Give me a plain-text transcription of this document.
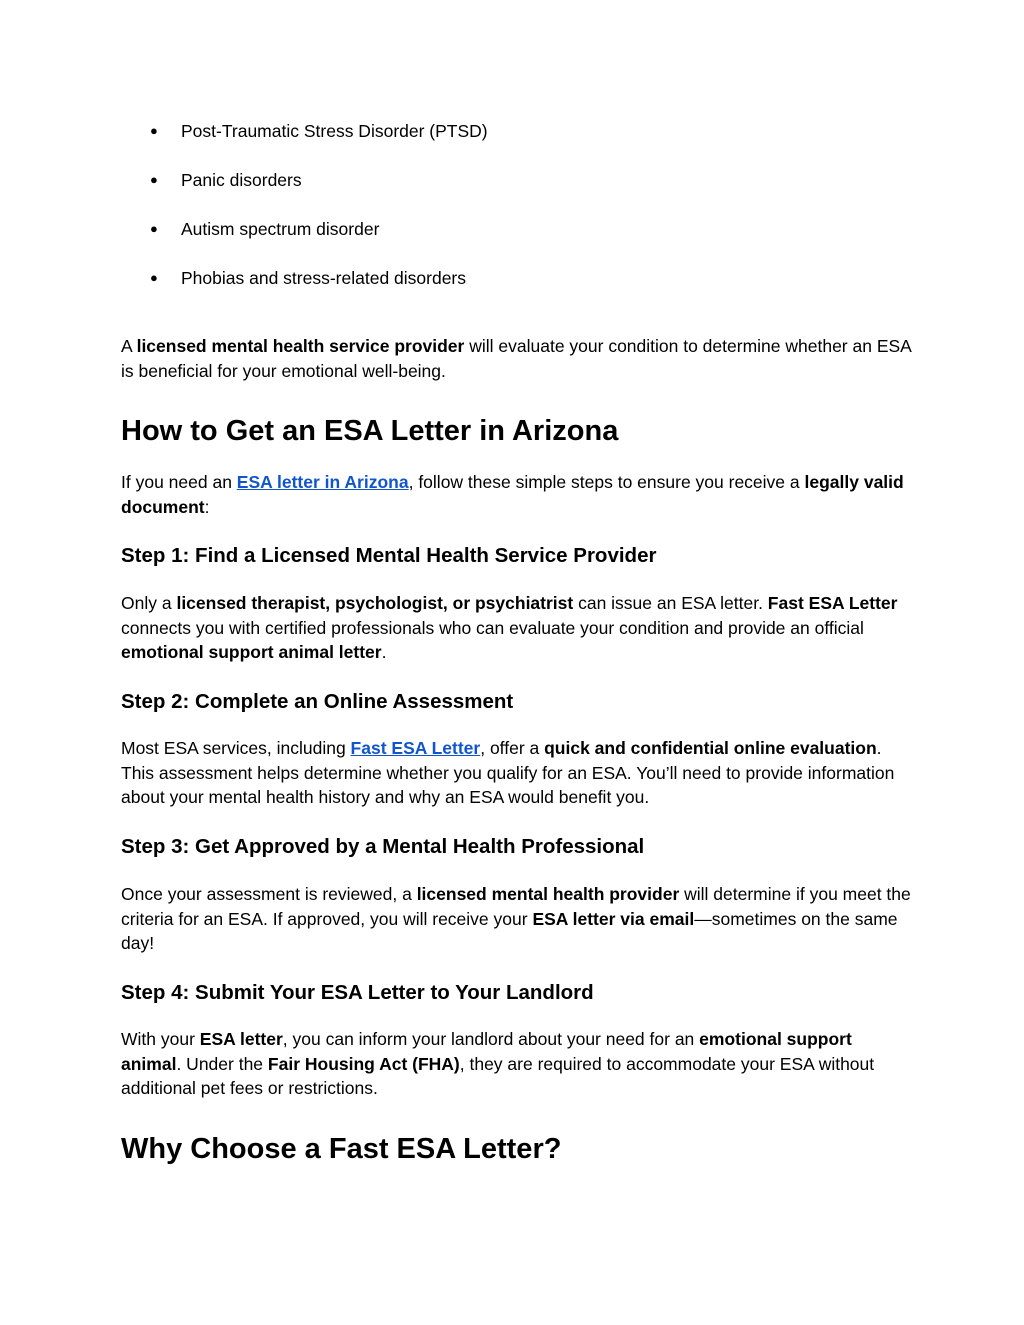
● Post-Traumatic Stress Disorder (PTSD)
● Panic disorders
● Autism spectrum disorder
● Phobias and stress-related disorders

A licensed mental health service provider will evaluate your condition to determine whether an ESA is beneficial for your emotional well-being.

How to Get an ESA Letter in Arizona

If you need an ESA letter in Arizona, follow these simple steps to ensure you receive a legally valid document:

Step 1: Find a Licensed Mental Health Service Provider

Only a licensed therapist, psychologist, or psychiatrist can issue an ESA letter. Fast ESA Letter connects you with certified professionals who can evaluate your condition and provide an official emotional support animal letter.

Step 2: Complete an Online Assessment

Most ESA services, including Fast ESA Letter, offer a quick and confidential online evaluation. This assessment helps determine whether you qualify for an ESA. You’ll need to provide information about your mental health history and why an ESA would benefit you.

Step 3: Get Approved by a Mental Health Professional

Once your assessment is reviewed, a licensed mental health provider will determine if you meet the criteria for an ESA. If approved, you will receive your ESA letter via email—sometimes on the same day!

Step 4: Submit Your ESA Letter to Your Landlord

With your ESA letter, you can inform your landlord about your need for an emotional support animal. Under the Fair Housing Act (FHA), they are required to accommodate your ESA without additional pet fees or restrictions.

Why Choose a Fast ESA Letter?
